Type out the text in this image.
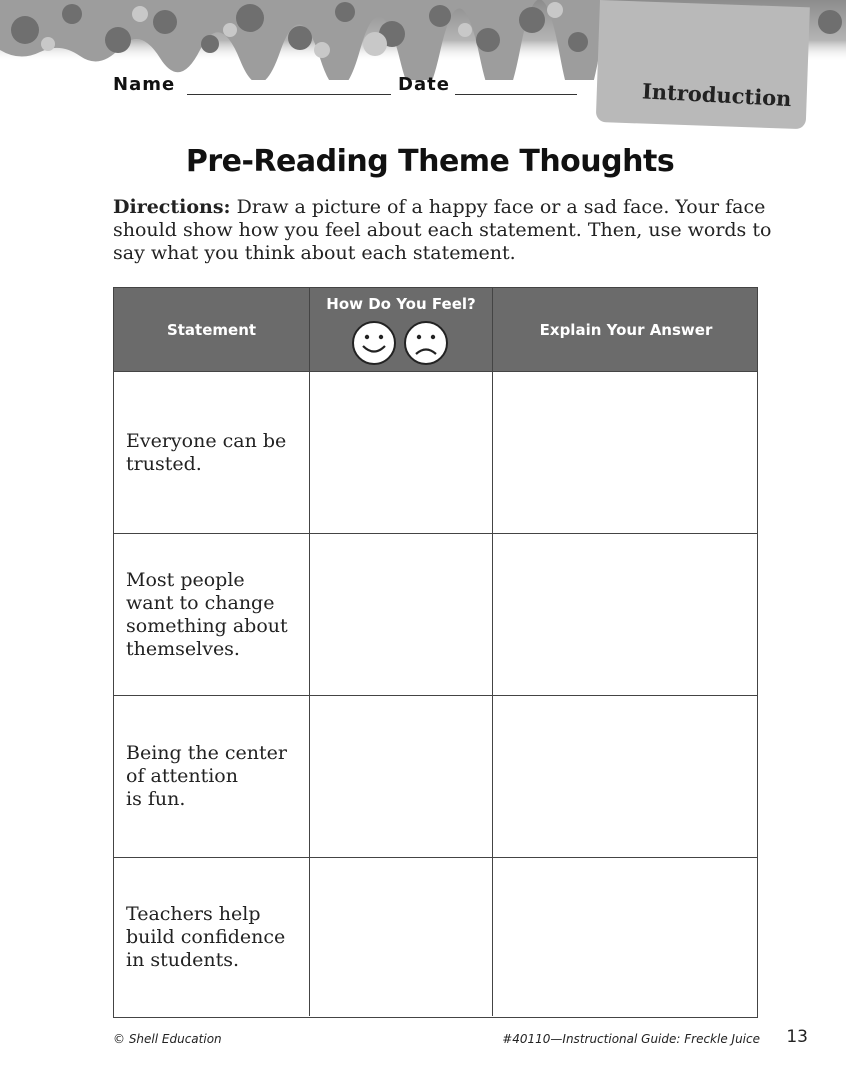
Introduction
Name	Date
Pre-Reading Theme Thoughts
Directions: Draw a picture of a happy face or a sad face. Your face should show how you feel about each statement. Then, use words to say what you think about each statement.
Statement
How Do You Feel?
Explain Your Answer
Everyone can be
trusted.
Most people
want to change
something about
themselves.
Being the center
of attention
is fun.
Teachers help
build confidence
in students.
© Shell Education	#40110—Instructional Guide: Freckle Juice 13
